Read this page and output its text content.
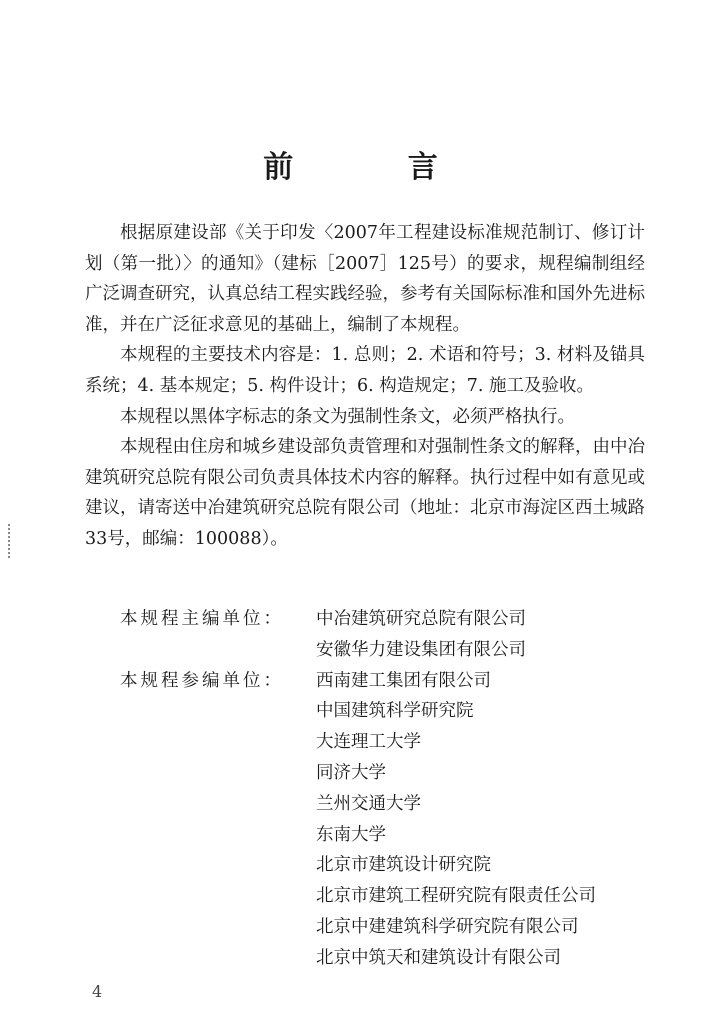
前 言

根据原建设部《关于印发〈2007年工程建设标准规范制订、修订计划（第一批）〉的通知》（建标［2007］125号）的要求，规程编制组经广泛调查研究，认真总结工程实践经验，参考有关国际标准和国外先进标准，并在广泛征求意见的基础上，编制了本规程。

本规程的主要技术内容是：1. 总则；2. 术语和符号；3. 材料及锚具系统；4. 基本规定；5. 构件设计；6. 构造规定；7. 施工及验收。

本规程以黑体字标志的条文为强制性条文，必须严格执行。

本规程由住房和城乡建设部负责管理和对强制性条文的解释，由中冶建筑研究总院有限公司负责具体技术内容的解释。执行过程中如有意见或建议，请寄送中冶建筑研究总院有限公司（地址：北京市海淀区西土城路33号，邮编：100088）。

本规程主编单位：	中冶建筑研究总院有限公司
安徽华力建设集团有限公司
本规程参编单位：	西南建工集团有限公司
中国建筑科学研究院
大连理工大学
同济大学
兰州交通大学
东南大学
北京市建筑设计研究院
北京市建筑工程研究院有限责任公司
北京中建建筑科学研究院有限公司
北京中筑天和建筑设计有限公司
4
